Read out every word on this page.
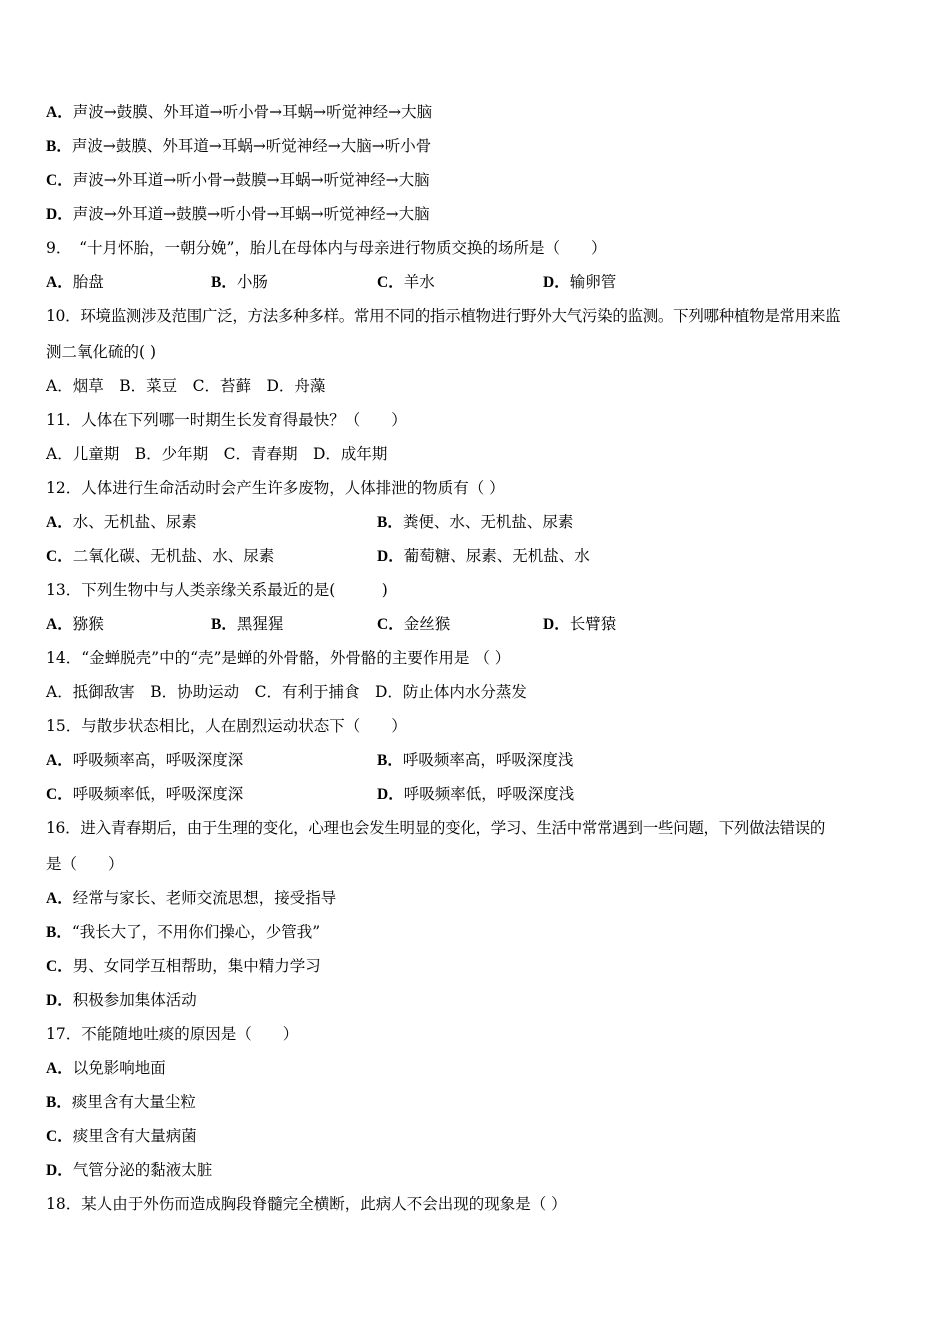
A．声波→鼓膜、外耳道→听小骨→耳蜗→听觉神经→大脑
B．声波→鼓膜、外耳道→耳蜗→听觉神经→大脑→听小骨
C．声波→外耳道→听小骨→鼓膜→耳蜗→听觉神经→大脑
D．声波→外耳道→鼓膜→听小骨→耳蜗→听觉神经→大脑
9．　“十月怀胎，一朝分娩”，胎儿在母体内与母亲进行物质交换的场所是（　　）
A．胎盘	B．小肠	C．羊水	D．输卵管
10．环境监测涉及范围广泛，方法多种多样。常用不同的指示植物进行野外大气污染的监测。下列哪种植物是常用来监
测二氧化硫的( )
A．烟草　B．菜豆　C．苔藓　D．舟藻
11．人体在下列哪一时期生长发育得最快？（　　）
A．儿童期　B．少年期　C．青春期　D．成年期
12．人体进行生命活动时会产生许多废物，人体排泄的物质有（ ）
A．水、无机盐、尿素	B．粪便、水、无机盐、尿素
C．二氧化碳、无机盐、水、尿素	D．葡萄糖、尿素、无机盐、水
13．下列生物中与人类亲缘关系最近的是(　　　)
A．猕猴	B．黑猩猩	C．金丝猴	D．长臂猿
14．“金蝉脱壳”中的“壳”是蝉的外骨骼，外骨骼的主要作用是 （ ）
A．抵御敌害　B．协助运动　C．有利于捕食　D．防止体内水分蒸发
15．与散步状态相比，人在剧烈运动状态下（　　）
A．呼吸频率高，呼吸深度深	B．呼吸频率高，呼吸深度浅
C．呼吸频率低，呼吸深度深	D．呼吸频率低，呼吸深度浅
16．进入青春期后，由于生理的变化，心理也会发生明显的变化，学习、生活中常常遇到一些问题，下列做法错误的
是（　　）
A．经常与家长、老师交流思想，接受指导
B．“我长大了，不用你们操心，少管我”
C．男、女同学互相帮助，集中精力学习
D．积极参加集体活动
17．不能随地吐痰的原因是（　　）
A．以免影响地面
B．痰里含有大量尘粒
C．痰里含有大量病菌
D．气管分泌的黏液太脏
18．某人由于外伤而造成胸段脊髓完全横断，此病人不会出现的现象是（ ）
